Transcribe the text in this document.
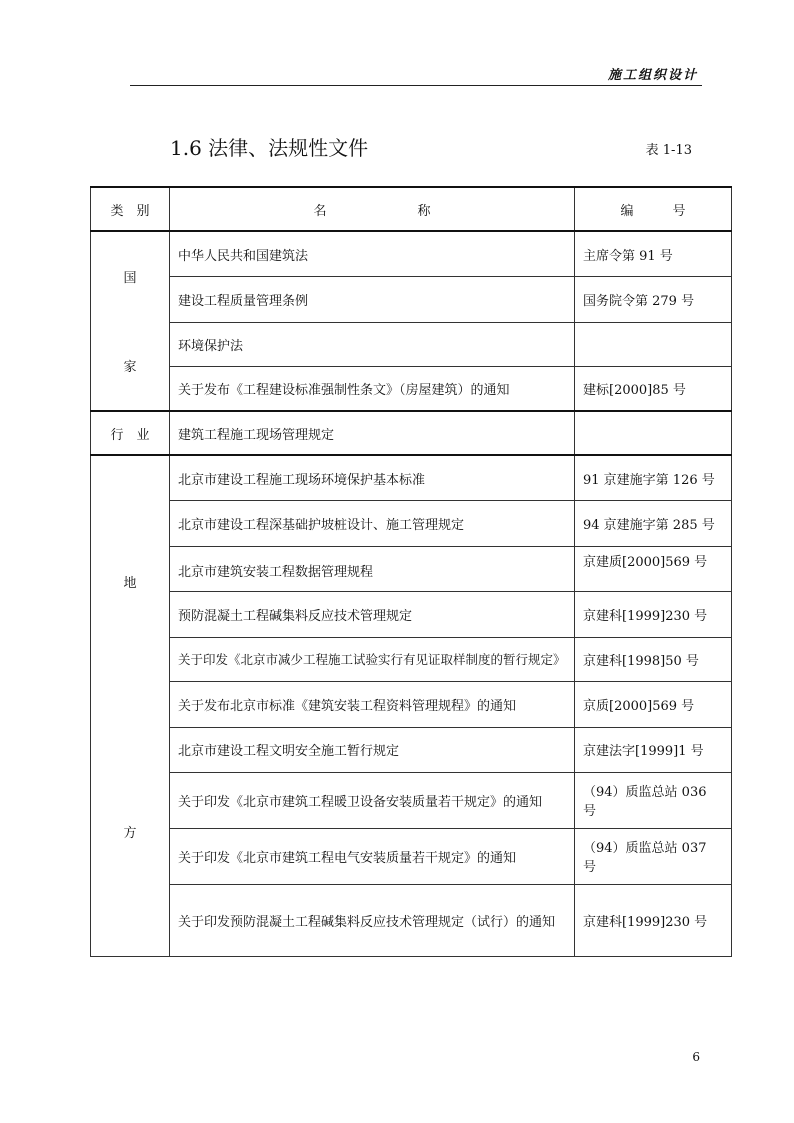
施工组织设计
1.6 法律、法规性文件	表 1-13
类　别	名　　　　　　　称	编　　　号

国
家	中华人民共和国建筑法	主席令第 91 号
	建设工程质量管理条例	国务院令第 279 号
	环境保护法	
	关于发布《工程建设标准强制性条文》（房屋建筑）的通知	建标[2000]85 号
行　业	建筑工程施工现场管理规定	

地
方	北京市建设工程施工现场环境保护基本标准	91 京建施字第 126 号
	北京市建设工程深基础护坡桩设计、施工管理规定	94 京建施字第 285 号
	北京市建筑安装工程数据管理规程	京建质[2000]569 号
	预防混凝土工程碱集料反应技术管理规定	京建科[1999]230 号
	关于印发《北京市减少工程施工试验实行有见证取样制度的暂行规定》	京建科[1998]50 号
	关于发布北京市标准《建筑安装工程资料管理规程》的通知	京质[2000]569 号
	北京市建设工程文明安全施工暂行规定	京建法字[1999]1 号
	关于印发《北京市建筑工程暖卫设备安装质量若干规定》的通知	（94）质监总站 036 号
	关于印发《北京市建筑工程电气安装质量若干规定》的通知	（94）质监总站 037 号
	关于印发预防混凝土工程碱集料反应技术管理规定（试行）的通知	京建科[1999]230 号
6
